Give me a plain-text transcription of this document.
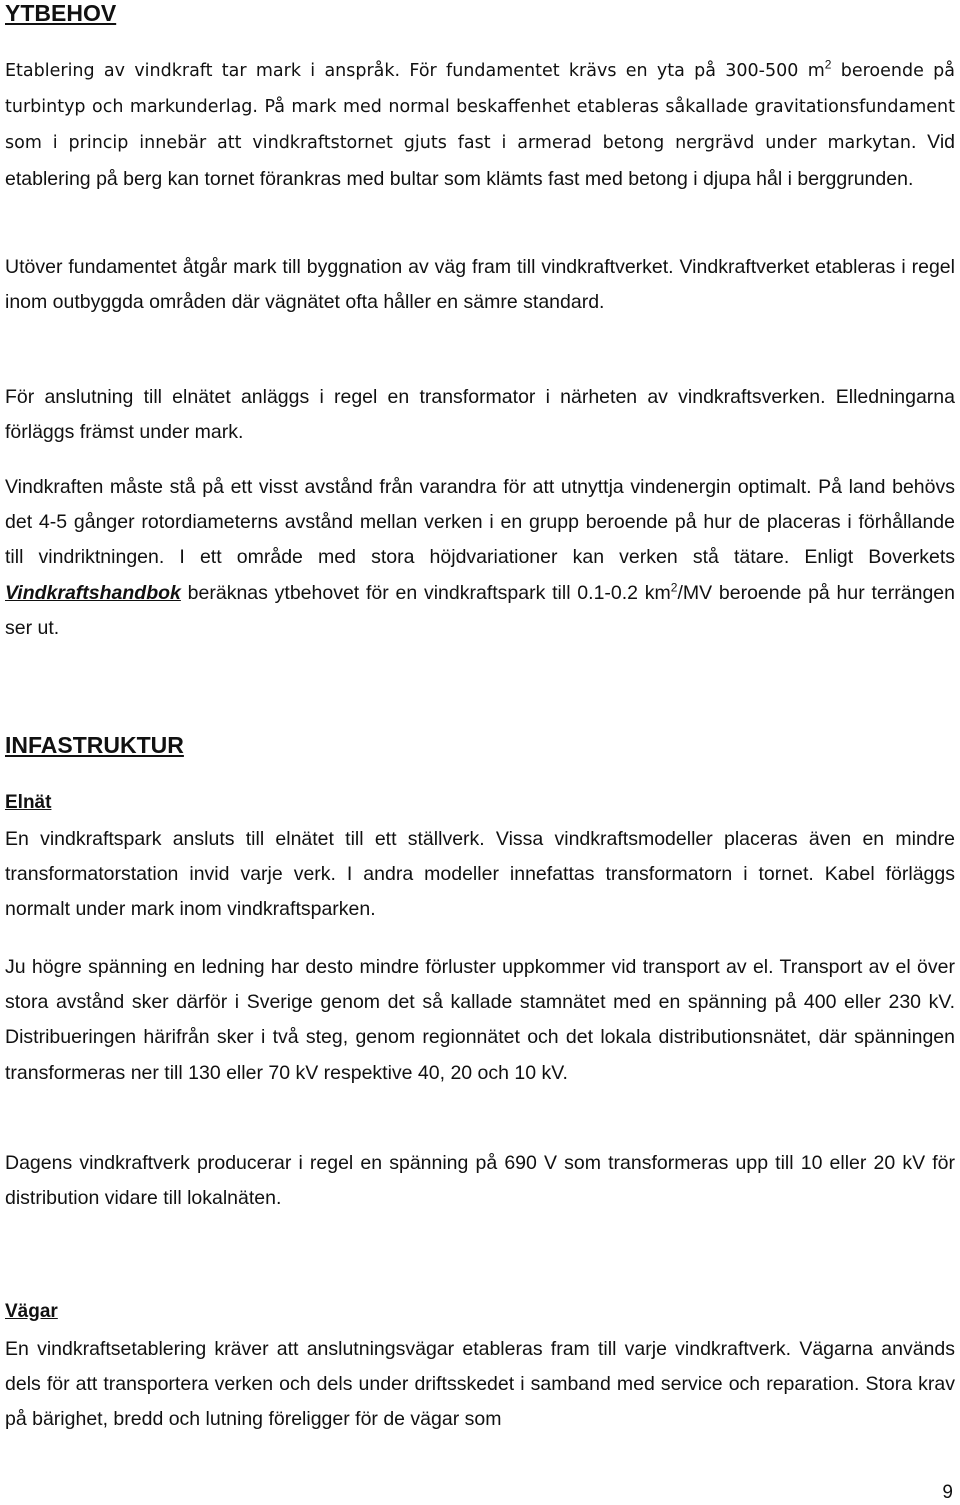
YTBEHOV

Etablering av vindkraft tar mark i anspråk. För fundamentet krävs en yta på 300-500 $m^2$ beroende på turbintyp och markunderlag. På mark med normal beskaffenhet etableras såkallade gravitationsfundament som i princip innebär att vindkraftstornet gjuts fast i armerad betong nergrävd under markytan. Vid etablering på berg kan tornet förankras med bultar som klämts fast med betong i djupa hål i berggrunden.

Utöver fundamentet åtgår mark till byggnation av väg fram till vindkraftverket. Vindkraftverket etableras i regel inom outbyggda områden där vägnätet ofta håller en sämre standard.

För anslutning till elnätet anläggs i regel en transformator i närheten av vindkraftsverken. Elledningarna förläggs främst under mark.

Vindkraften måste stå på ett visst avstånd från varandra för att utnyttja vindenergin optimalt. På land behövs det 4-5 gånger rotordiameterns avstånd mellan verken i en grupp beroende på hur de placeras i förhållande till vindriktningen. I ett område med stora höjdvariationer kan verken stå tätare. Enligt Boverkets Vindkraftshandbok beräknas ytbehovet för en vindkraftspark till 0.1-0.2 $km^2/MV$ beroende på hur terrängen ser ut.

INFASTRUKTUR
Elnät

En vindkraftspark ansluts till elnätet till ett ställverk. Vissa vindkraftsmodeller placeras även en mindre transformatorstation invid varje verk. I andra modeller innefattas transformatorn i tornet. Kabel förläggs normalt under mark inom vindkraftsparken.

Ju högre spänning en ledning har desto mindre förluster uppkommer vid transport av el. Transport av el över stora avstånd sker därför i Sverige genom det så kallade stamnätet med en spänning på 400 eller 230 kV. Distribueringen härifrån sker i två steg, genom regionnätet och det lokala distributionsnätet, där spänningen transformeras ner till 130 eller 70 kV respektive 40, 20 och 10 kV.

Dagens vindkraftverk producerar i regel en spänning på 690 V som transformeras upp till 10 eller 20 kV för distribution vidare till lokalnäten.

Vägar

En vindkraftsetablering kräver att anslutningsvägar etableras fram till varje vindkraftverk. Vägarna används dels för att transportera verken och dels under driftsskedet i samband med service och reparation. Stora krav på bärighet, bredd och lutning föreligger för de vägar som

9
